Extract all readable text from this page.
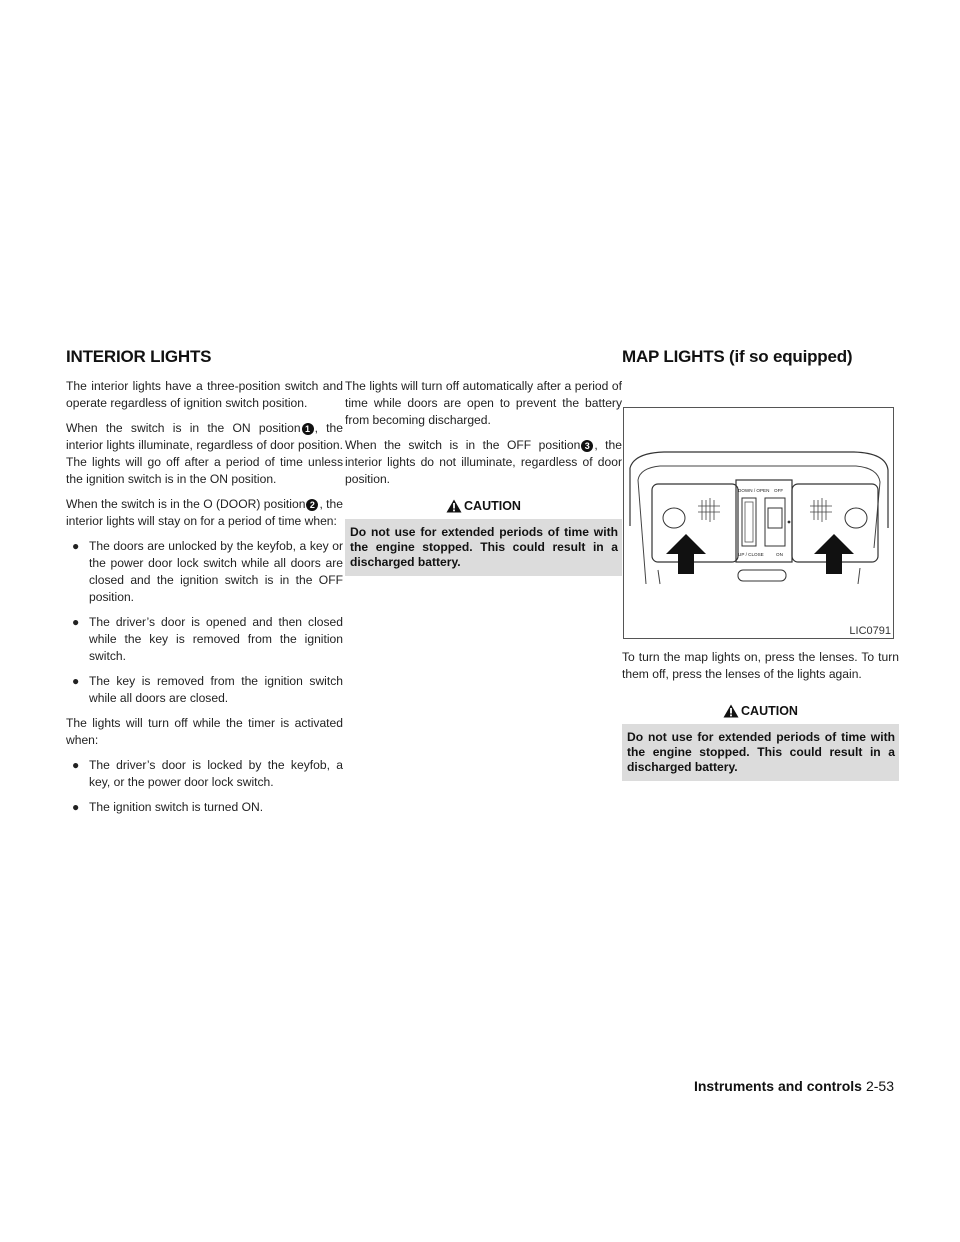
INTERIOR LIGHTS	MAP LIGHTS (if so equipped)

The interior lights have a three-position switch and operate regardless of ignition switch position.

When the switch is in the ON position 1 , the interior lights illuminate, regardless of door position. The lights will go off after a period of time unless the ignition switch is in the ON position.

When the switch is in the O (DOOR) position 2 , the interior lights will stay on for a period of time when:

● The doors are unlocked by the keyfob, a key or the power door lock switch while all doors are closed and the ignition switch is in the OFF position.
● The driver’s door is opened and then closed while the key is removed from the ignition switch.
● The key is removed from the ignition switch while all doors are closed.

The lights will turn off while the timer is activated when:

● The driver’s door is locked by the keyfob, a key, or the power door lock switch.
● The ignition switch is turned ON.

The lights will turn off automatically after a period of time while doors are open to prevent the battery from becoming discharged.

When the switch is in the OFF position 3 , the interior lights do not illuminate, regardless of door position.

CAUTION
Do not use for extended periods of time with the engine stopped. This could result in a discharged battery.
DOWN / OPEN OFF
UP / CLOSE	ON
LIC0791

To turn the map lights on, press the lenses. To turn them off, press the lenses of the lights again.

CAUTION
Do not use for extended periods of time with the engine stopped. This could result in a discharged battery.
Instruments and controls 2-53
